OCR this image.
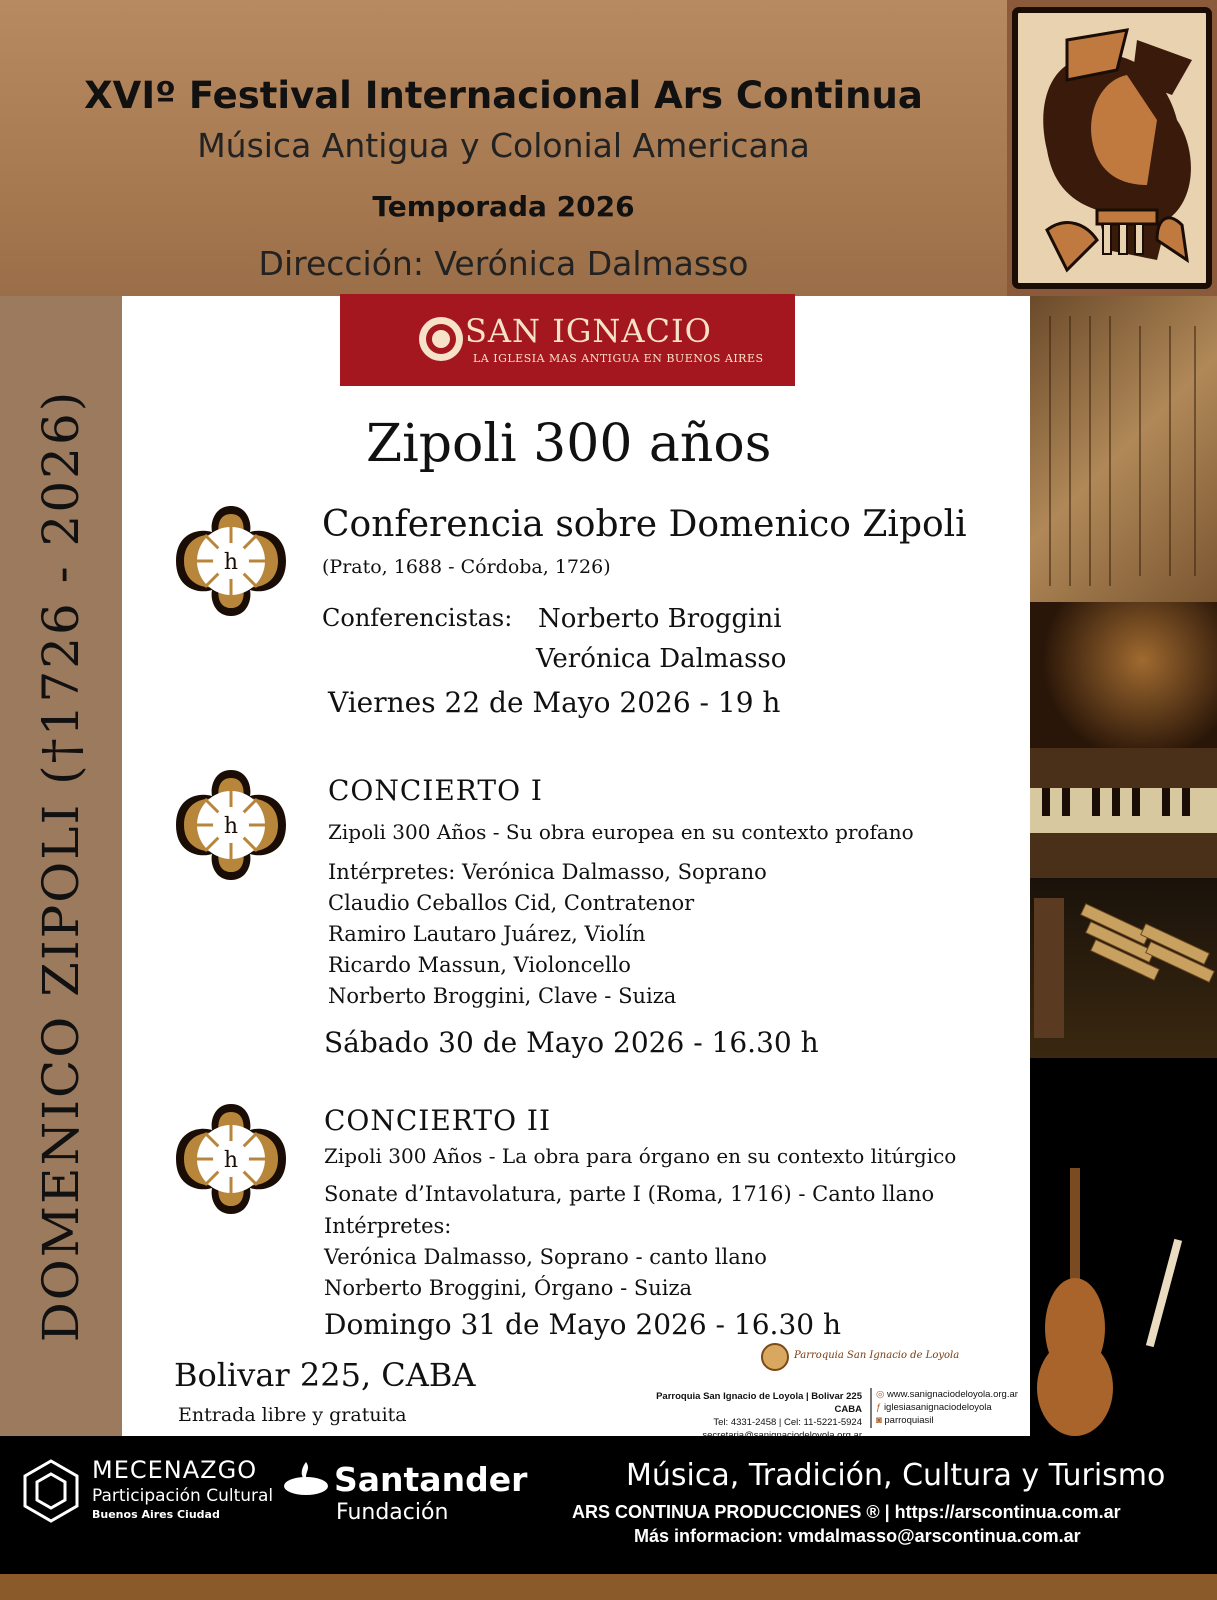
XVIº Festival Internacional Ars Continua
Música Antigua y Colonial Americana
Temporada 2026
Dirección: Verónica Dalmasso
DOMENICO ZIPOLI (†1726 - 2026)
SAN IGNACIO
LA IGLESIA MAS ANTIGUA EN BUENOS AIRES
Zipoli 300 años
h
Conferencia sobre Domenico Zipoli
(Prato, 1688 - Córdoba, 1726)
Conferencistas: Norberto Broggini
Verónica Dalmasso
Viernes 22 de Mayo 2026 - 19 h
h
CONCIERTO I
Zipoli 300 Años - Su obra europea en su contexto profano
Intérpretes: Verónica Dalmasso, Soprano
Claudio Ceballos Cid, Contratenor
Ramiro Lautaro Juárez, Violín
Ricardo Massun, Violoncello
Norberto Broggini, Clave - Suiza
Sábado 30 de Mayo 2026 - 16.30 h
h
CONCIERTO II
Zipoli 300 Años - La obra para órgano en su contexto litúrgico
Sonate d’Intavolatura, parte I (Roma, 1716) - Canto llano
Intérpretes:
Verónica Dalmasso, Soprano - canto llano
Norberto Broggini, Órgano - Suiza
Domingo 31 de Mayo 2026 - 16.30 h
Bolivar 225, CABA
Entrada libre y gratuita
Parroquia San Ignacio de Loyola
Parroquia San Ignacio de Loyola | Bolivar 225 CABA
Tel: 4331-2458 | Cel: 11-5221-5924
◎ www.sanignaciodeloyola.org.ar
ƒ iglesiasanignaciodeloyola
◙ parroquiasil
MECENAZGO
Participación Cultural
Buenos Aires Ciudad
Santander
Fundación
Música, Tradición, Cultura y Turismo
ARS CONTINUA PRODUCCIONES ® | https://arscontinua.com.ar
Más informacion: vmdalmasso@arscontinua.com.ar
